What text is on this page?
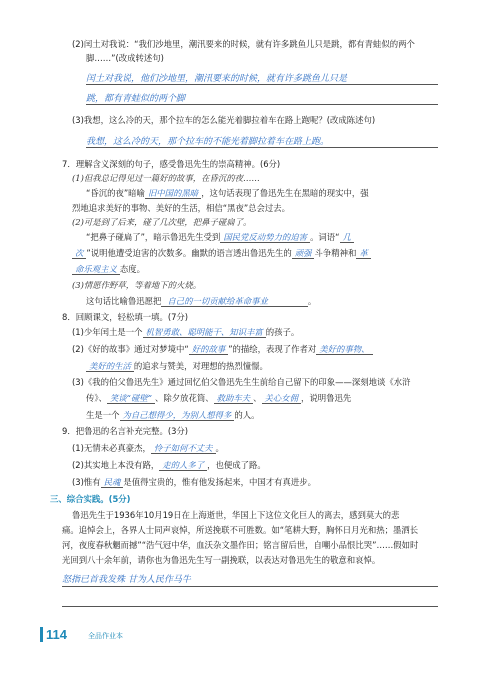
(2)闰土对我说：“我们沙地里，潮汛要来的时候，就有许多跳鱼儿只是跳，都有青蛙似的两个
脚……”(改成转述句)
闰土对我说，他们沙地里，潮汛要来的时候，就有许多跳鱼儿只是
跳，都有青蛙似的两个脚
(3)我想，这么冷的天，那个拉车的怎么能光着脚拉着车在路上跑呢？(改成陈述句)
我想，这么冷的天，那个拉车的不能光着脚拉着车在路上跑。
7．理解含义深刻的句子，感受鲁迅先生的崇高精神。(6分)
(1)但我总记得见过一篇好的故事，在昏沉的夜……
“昏沉的夜”暗喻 旧中国的黑暗 ，这句话表现了鲁迅先生在黑暗的现实中，强
烈地追求美好的事物、美好的生活，相信“黑夜”总会过去。
(2)可是到了后来，碰了几次壁，把鼻子碰扁了。
“把鼻子碰扁了”，暗示鲁迅先生受到 国民党反动势力的迫害 。词语“ 几
次 ”说明他遭受迫害的次数多。幽默的语言透出鲁迅先生的 顽强 斗争精神和 革
命乐观主义 态度。
(3)情愿作野草，等着地下的火烧。
这句话比喻鲁迅愿把 自己的一切贡献给革命事业	。
8．回顾课文，轻松填一填。(7分)
(1)少年闰土是一个 机智勇敢、聪明能干、知识丰富 的孩子。
(2)《好的故事》通过对梦境中“ 好的故事 ”的描绘，表现了作者对 美好的事物、
美好的生活 的追求与赞美，对理想的热烈憧憬。
(3)《我的伯父鲁迅先生》通过回忆伯父鲁迅先生生前给自己留下的印象——深刻地谈《水浒
传》、 笑谈“碰壁” 、除夕放花筒、 救助车夫 、 关心女佣 ，说明鲁迅先
生是一个 为自己想得少，为别人想得多 的人。
9．把鲁迅的名言补充完整。(3分)
(1)无情未必真豪杰， 怜子如何不丈夫 。
(2)其实地上本没有路， 走的人多了 ，也便成了路。
(3)惟有 民魂 是值得宝贵的，惟有他发扬起来，中国才有真进步。
三、综合实践。(5分)
鲁迅先生于1936年10月19日在上海逝世，华国上下这位文化巨人的离去，感到莫大的悲
痛。追悼会上，各界人士同声哀悼，所送挽联不可胜数。如“笔耕大野，胸怀日月光和热；墨洒长
河，夜度春秋魍而撼”“浩气冠中华，血沃杂文墨作田；铭言留后世，自嘲小品恨比哭”……假如时
光回到八十余年前，请你也为鲁迅先生写一副挽联，以表达对鲁迅先生的敬意和哀悼。
怒指已首我发殊 甘为人民作马牛
114	全品作业本
